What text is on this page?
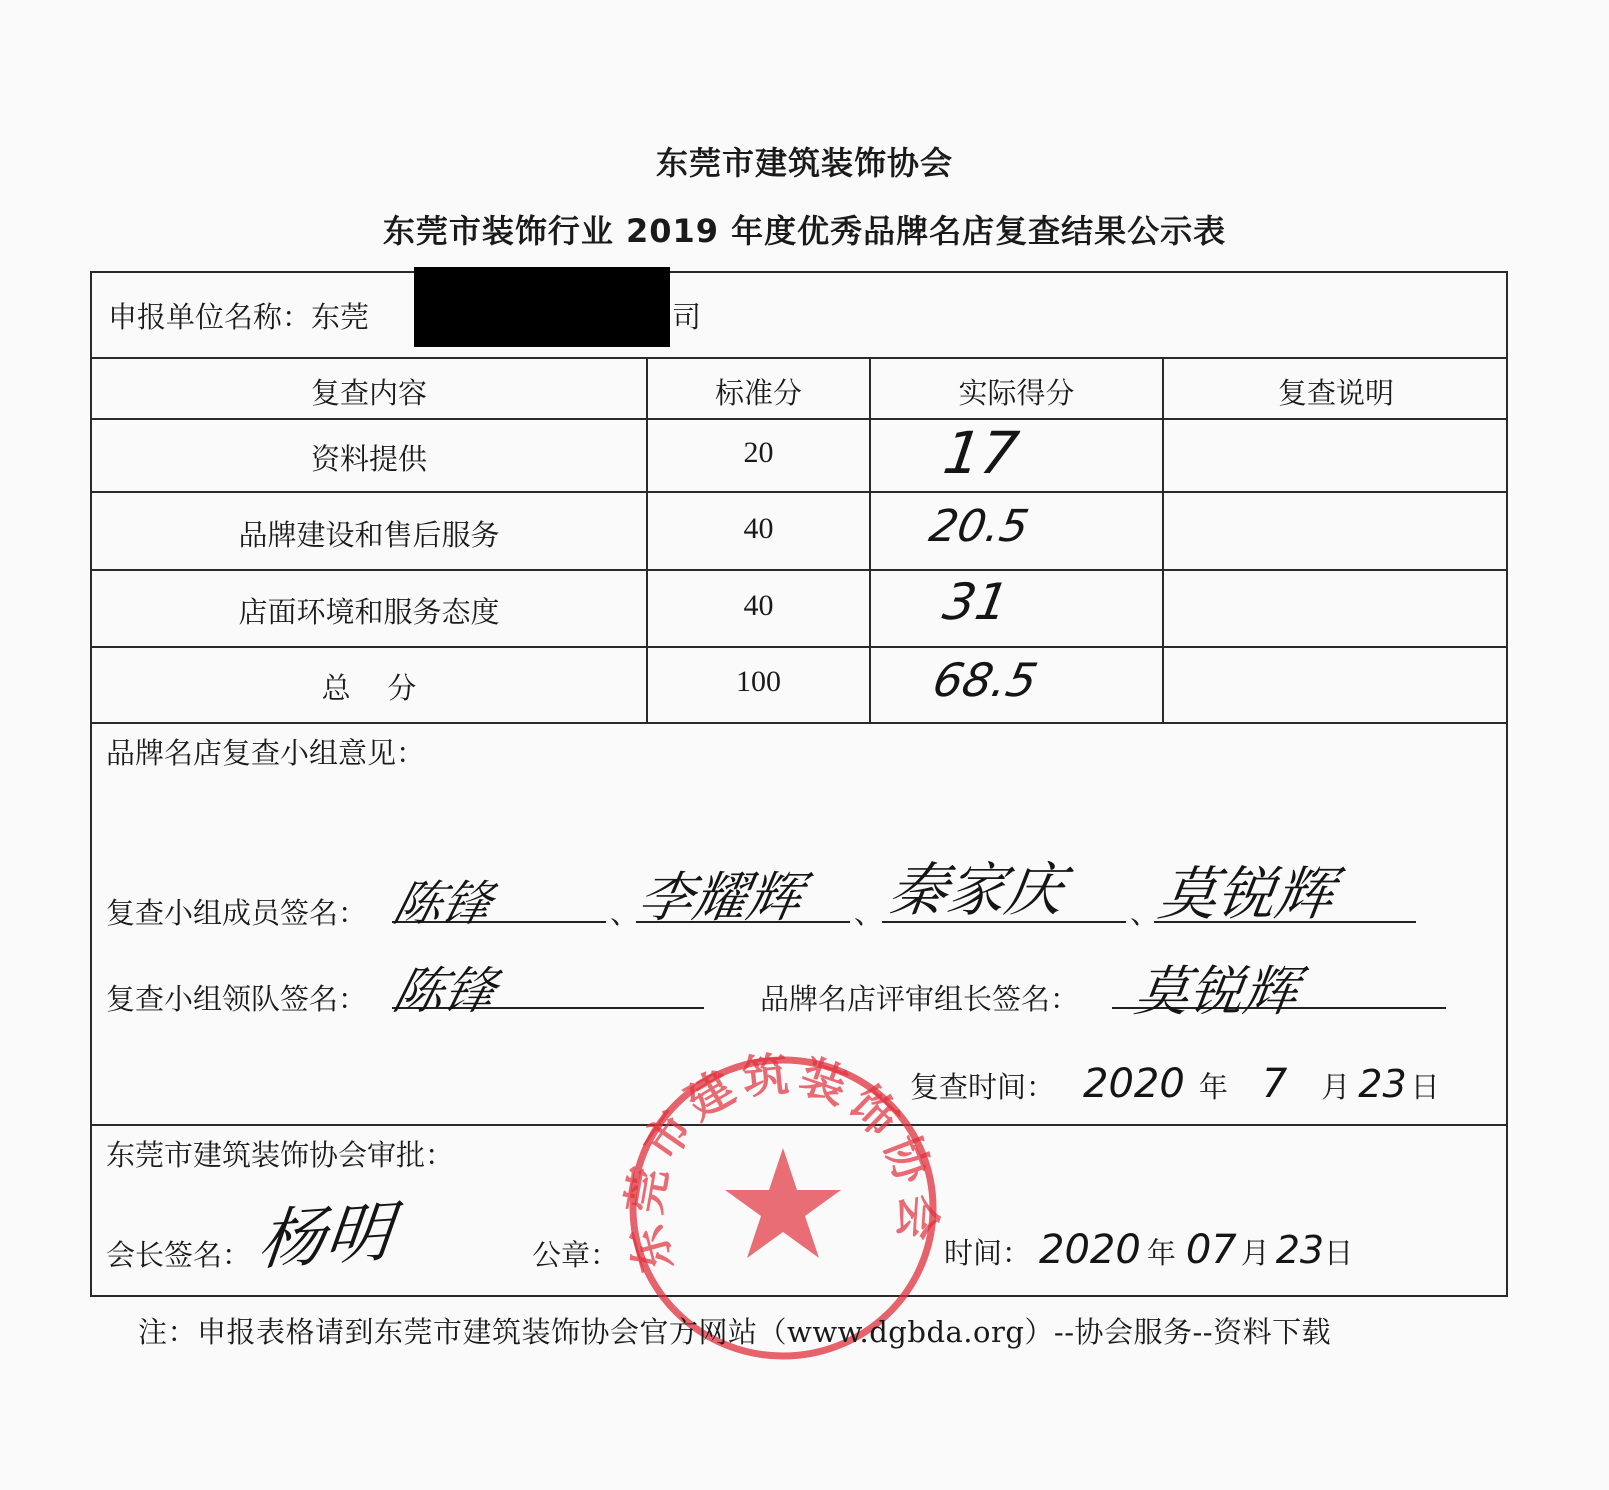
东莞市建筑装饰协会
东莞市装饰行业 2019 年度优秀品牌名店复查结果公示表
申报单位名称：东莞	司
复查内容	标准分	实际得分	复查说明
资料提供	20	17
品牌建设和售后服务	40	20.5
店面环境和服务态度	40	31
总    分	100	68.5
品牌名店复查小组意见：
复查小组成员签名： 陈锋	、
李耀辉 、 秦家庆 、
莫锐辉
复查小组领队签名： 陈锋	品牌名店评审组长签名： 莫锐辉
复查时间： 2020 年 7 月 23 日
东莞市建筑装饰协会审批：
会长签名： 杨明	公章：	时间： 2020 年 07 月 23日
东莞市建筑装饰协会
注：申报表格请到东莞市建筑装饰协会官方网站（www.dgbda.org）--协会服务--资料下载
